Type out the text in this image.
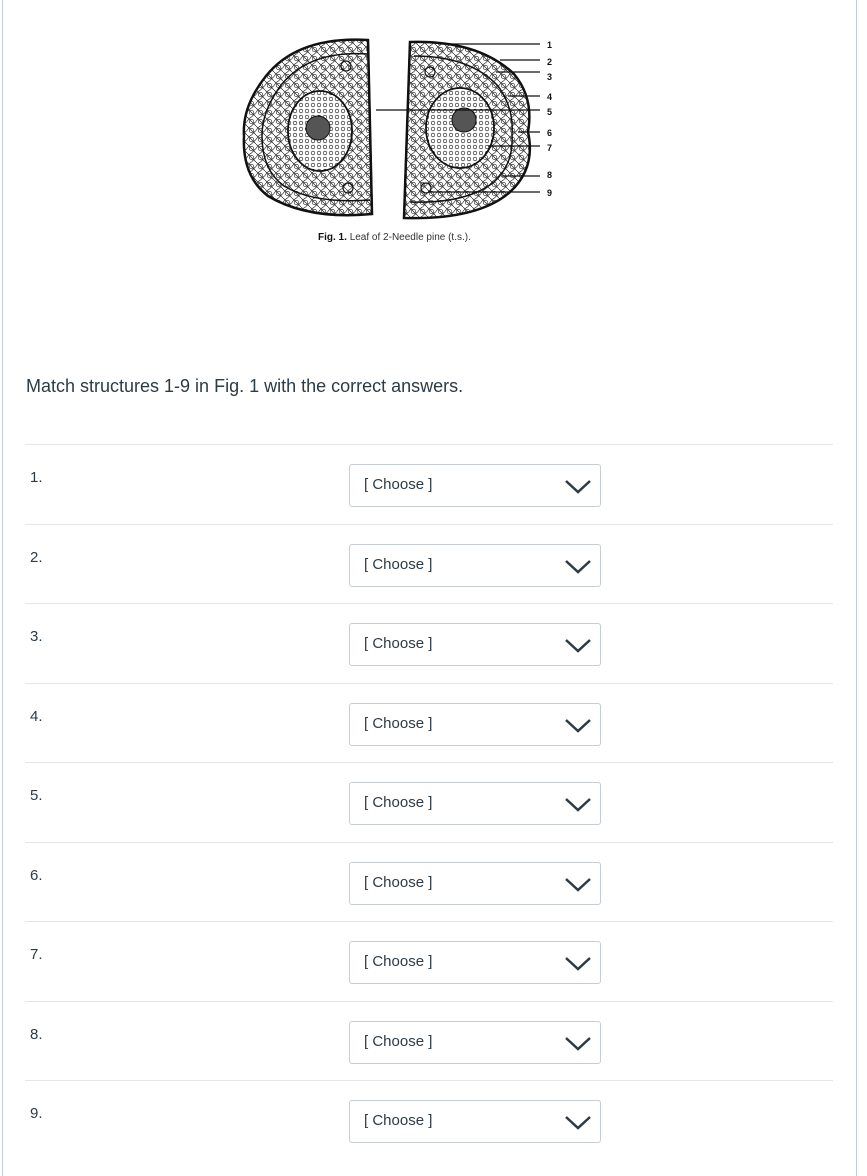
1
2
3
4
5
6
7
8
9
Fig. 1. Leaf of 2-Needle pine (t.s.).
Match structures 1-9 in Fig. 1 with the correct answers.
1.	[ Choose ]
2.	[ Choose ]
3.	[ Choose ]
4.	[ Choose ]
5.	[ Choose ]
6.	[ Choose ]
7.	[ Choose ]
8.	[ Choose ]
9.	[ Choose ]
